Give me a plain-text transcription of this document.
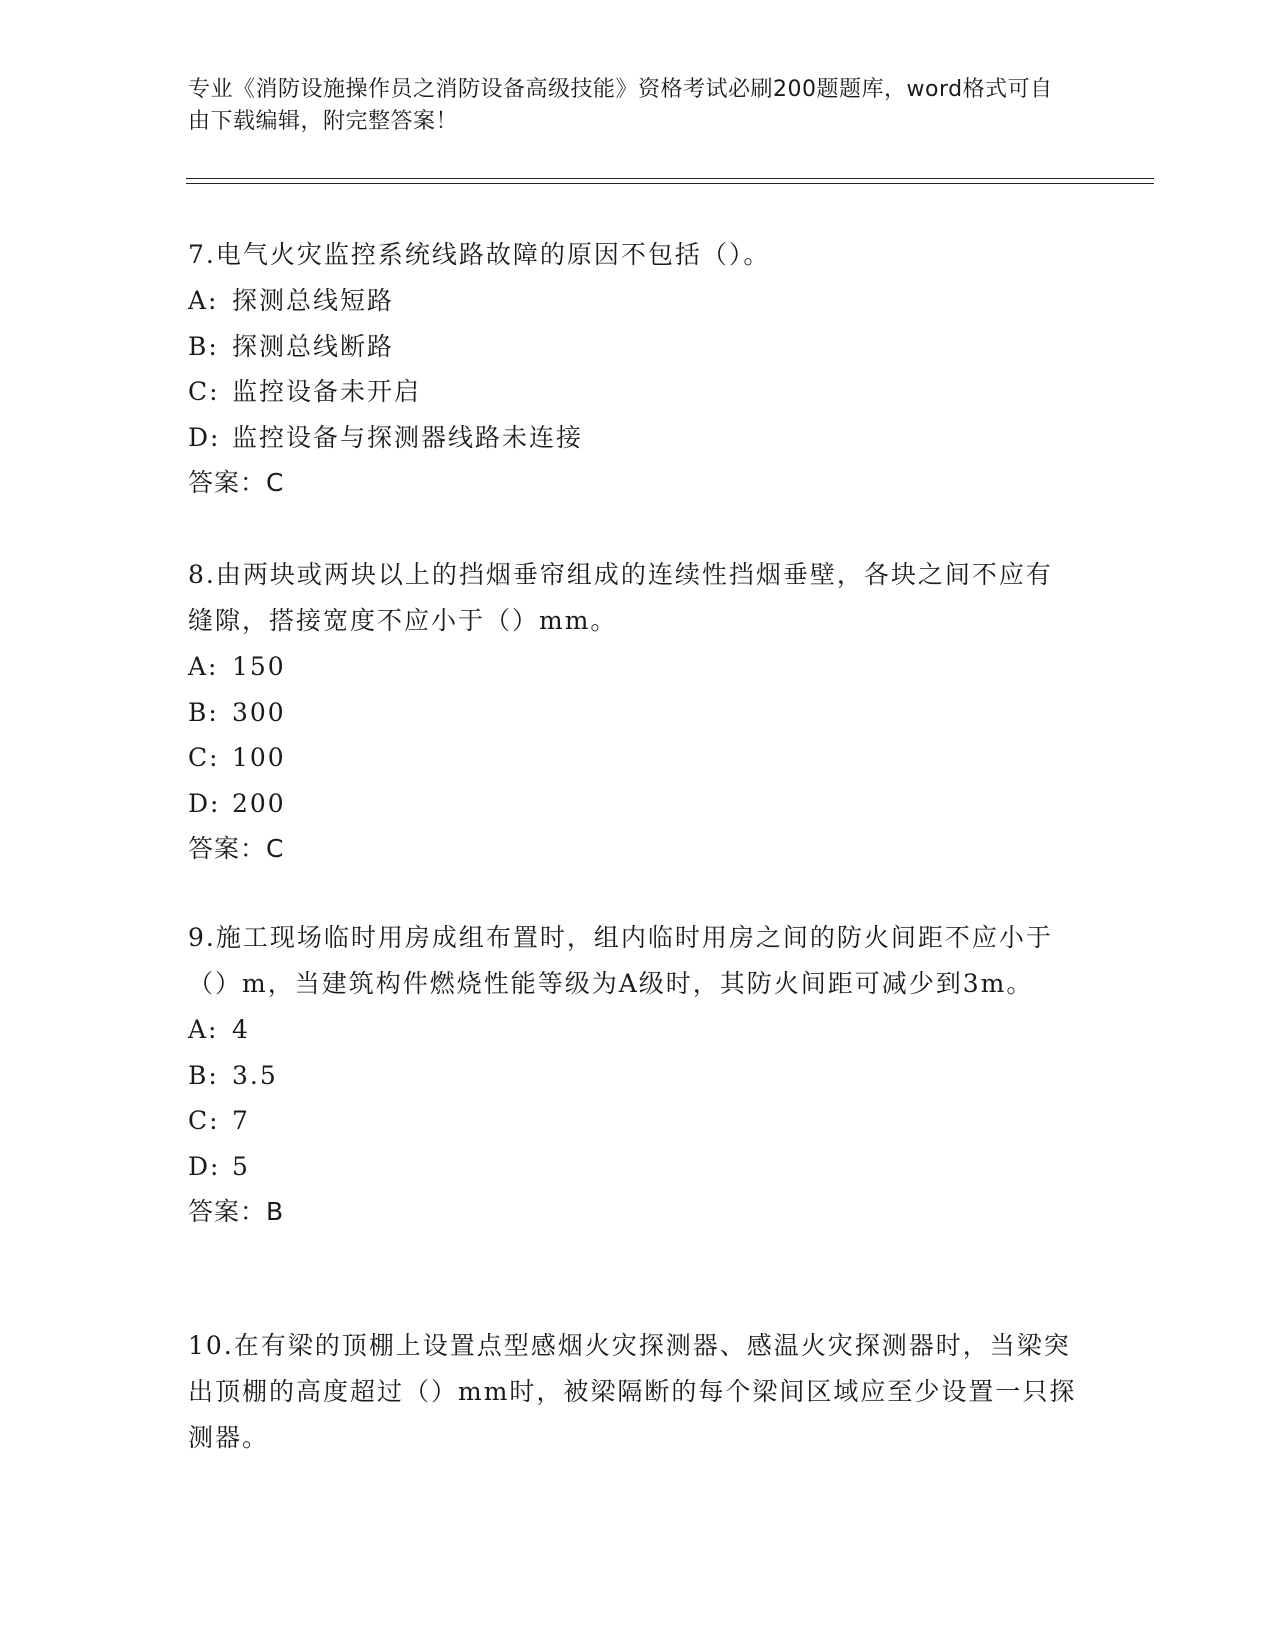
专业《消防设施操作员之消防设备高级技能》资格考试必刷200题题库，word格式可自由下载编辑，附完整答案！
7.电气火灾监控系统线路故障的原因不包括（）。
A: 探测总线短路
B: 探测总线断路
C: 监控设备未开启
D: 监控设备与探测器线路未连接
答案：C
8.由两块或两块以上的挡烟垂帘组成的连续性挡烟垂壁，各块之间不应有缝隙，搭接宽度不应小于（）mm。
A: 150
B: 300
C: 100
D: 200
答案：C
9.施工现场临时用房成组布置时，组内临时用房之间的防火间距不应小于（）m，当建筑构件燃烧性能等级为A级时，其防火间距可减少到3m。
A: 4
B: 3.5
C: 7
D: 5
答案：B
10.在有梁的顶棚上设置点型感烟火灾探测器、感温火灾探测器时，当梁突出顶棚的高度超过（）mm时，被梁隔断的每个梁间区域应至少设置一只探测器。
